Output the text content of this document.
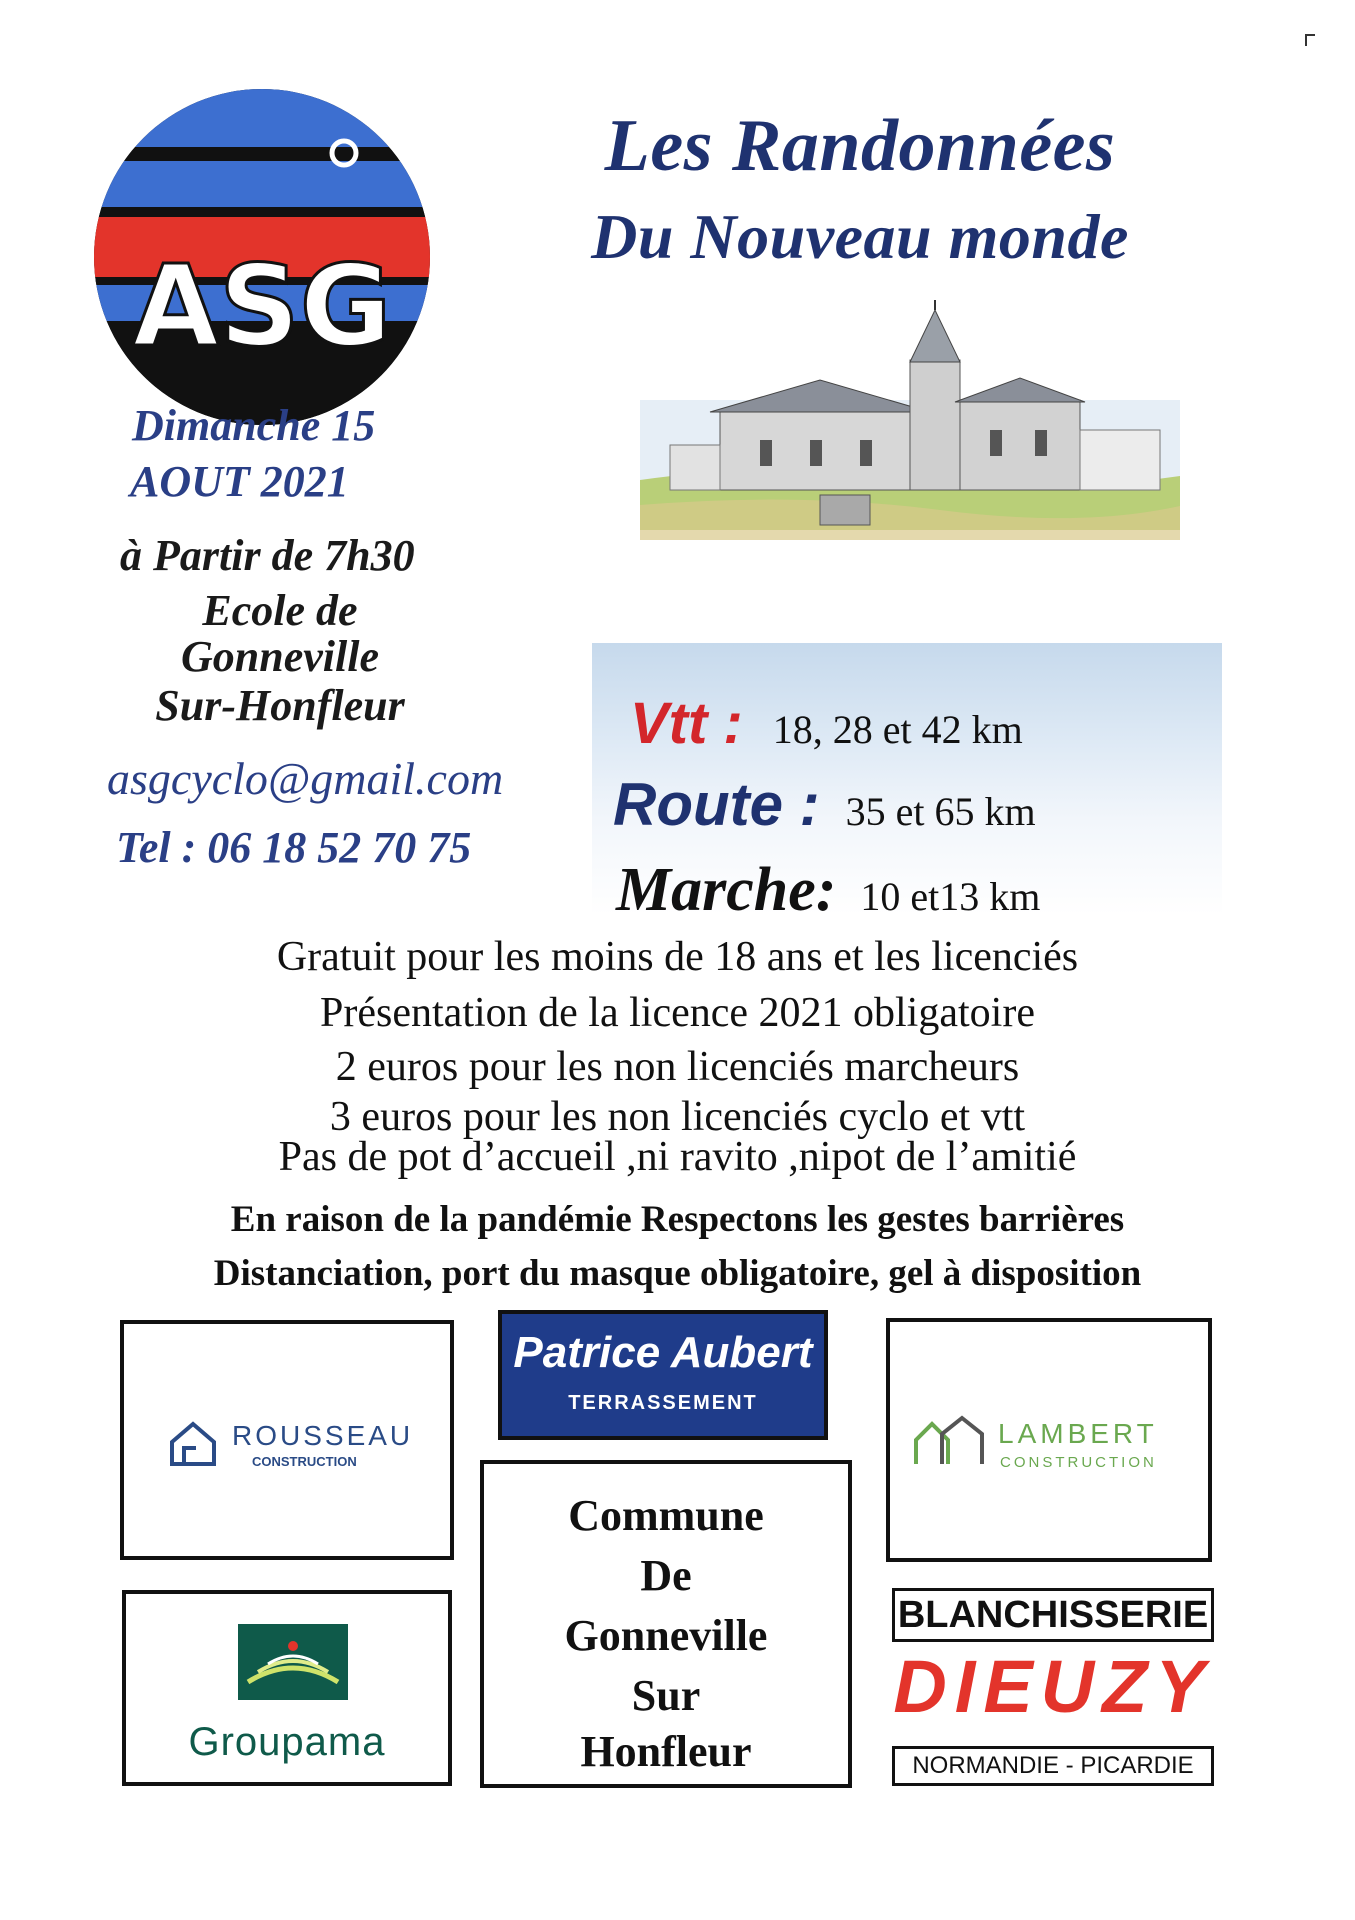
ASG
Les Randonnées
Du Nouveau monde
Dimanche 15
AOUT 2021
à Partir de 7h30
Ecole de
Gonneville
Sur-Honfleur
asgcyclo@gmail.com
Tel : 06 18 52 70 75
Vtt : 18, 28 et 42 km
Route : 35 et 65 km
Marche: 10 et13 km
Gratuit pour les moins de 18 ans et les licenciés
Présentation de la licence 2021 obligatoire
2 euros pour les non licenciés marcheurs
3 euros pour les non licenciés cyclo et vtt
Pas de pot d’accueil ,ni ravito ,nipot de l’amitié
En raison de la pandémie Respectons les gestes barrières
Distanciation, port du masque obligatoire, gel à disposition
ROUSSEAU
CONSTRUCTION
Patrice Aubert
TERRASSEMENT
LAMBERT
CONSTRUCTION
Commune
De
Gonneville
Sur
Honfleur
Groupama
BLANCHISSERIE
DIEUZY
NORMANDIE - PICARDIE
